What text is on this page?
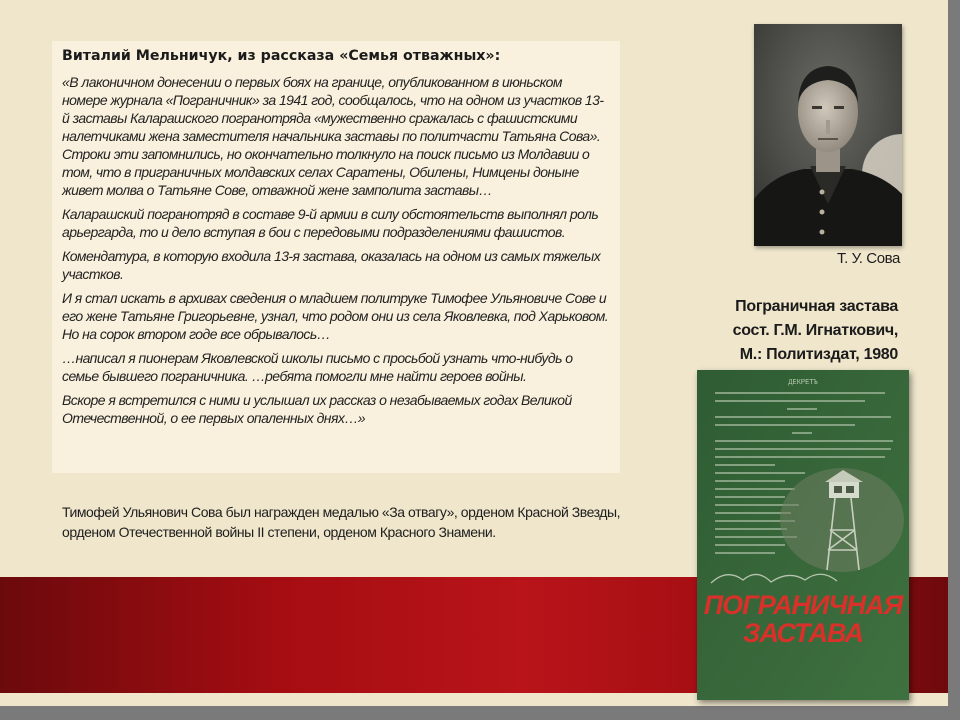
Виталий Мельничук, из рассказа «Семья отважных»:

«В лаконичном донесении о первых боях на границе, опубликованном в июньском номере журнала «Пограничник» за 1941 год, сообщалось, что на одном из участков 13-й заставы Каларашского погранотряда «мужественно сражалась с фашистскими налетчиками жена заместителя начальника заставы по политчасти Татьяна Сова». Строки эти запомнились, но окончательно толкнуло на поиск письмо из Молдавии о том, что в приграничных молдавских селах Саратены, Обилены, Нимцены доныне живет молва о Татьяне Сове, отважной жене замполита заставы…

Каларашский погранотряд в составе 9-й армии в силу обстоятельств выполнял роль арьергарда, то и дело вступая в бои с передовыми подразделениями фашистов.

Комендатура, в которую входила 13-я застава, оказалась на одном из самых тяжелых участков.

И я стал искать в архивах сведения о младшем политруке Тимофее Ульяновиче Сове и его жене Татьяне Григорьевне, узнал, что родом они из села Яковлевка, под Харьковом. Но на сорок втором годе все обрывалось…

…написал я пионерам Яковлевской школы письмо с просьбой узнать что-нибудь о семье бывшего пограничника. …ребята помогли мне найти героев войны.

Вскоре я встретился с ними и услышал их рассказ о незабываемых годах Великой Отечественной, о ее первых опаленных днях…»

Тимофей Ульянович Сова был награжден медалью «За отвагу», орденом Красной Звезды, орденом Отечественной войны II степени, орденом Красного Знамени.
Т. У. Сова
Пограничная застава
сост. Г.М. Игнаткович,
М.: Политиздат, 1980
ДЕКРЕТЪ
ПОГРАНИЧНАЯ
ЗАСТАВА
